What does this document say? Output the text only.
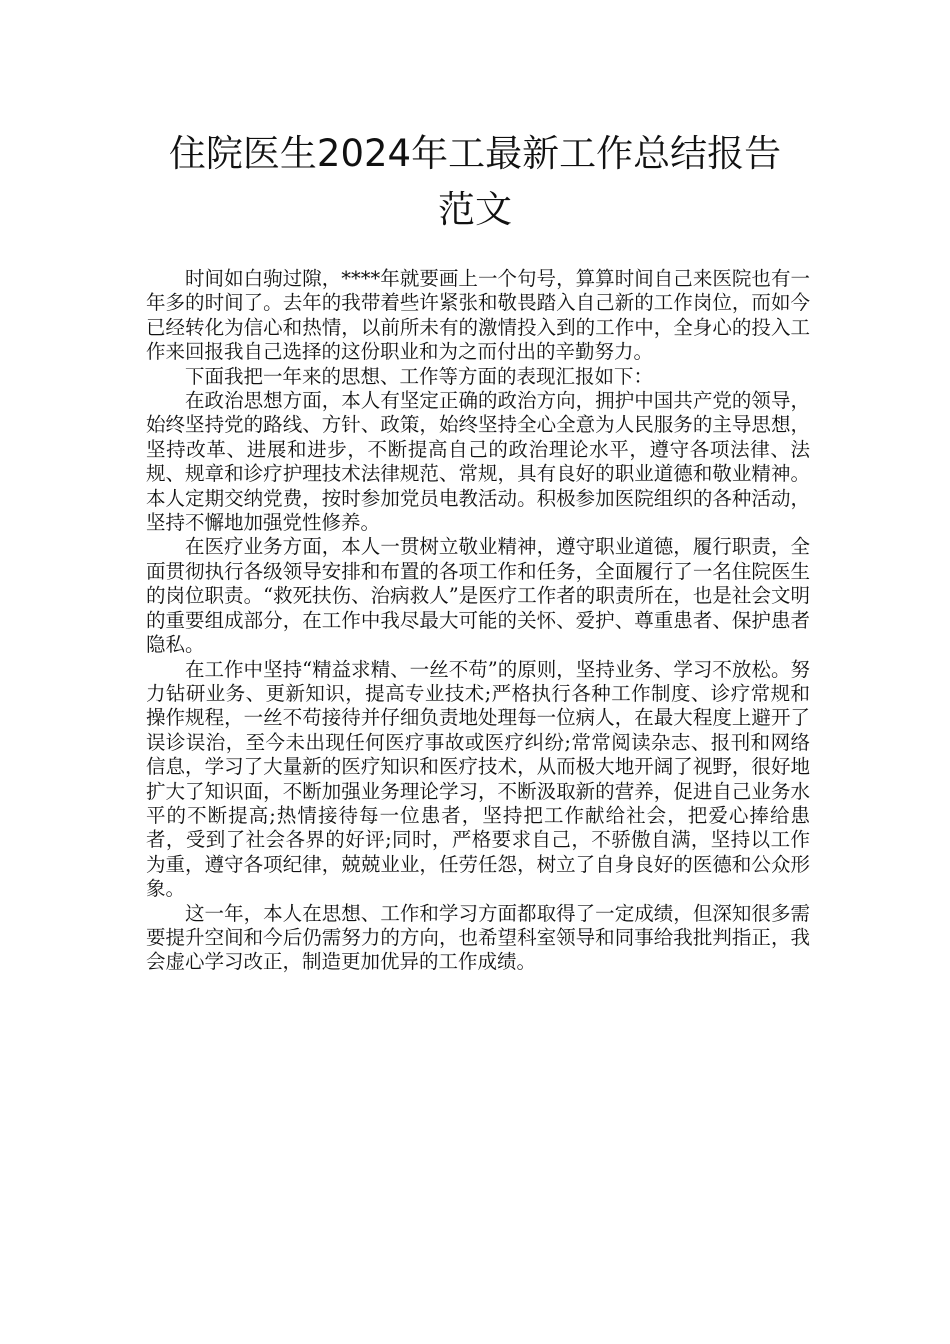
住院医生2024年工最新工作总结报告
范文

时间如白驹过隙，****年就要画上一个句号，算算时间自己来医院也有一年多的时间了。去年的我带着些许紧张和敬畏踏入自己新的工作岗位，而如今已经转化为信心和热情，以前所未有的激情投入到的工作中，全身心的投入工作来回报我自己选择的这份职业和为之而付出的辛勤努力。

下面我把一年来的思想、工作等方面的表现汇报如下：

在政治思想方面，本人有坚定正确的政治方向，拥护中国共产党的领导，始终坚持党的路线、方针、政策，始终坚持全心全意为人民服务的主导思想，坚持改革、进展和进步，不断提高自己的政治理论水平，遵守各项法律、法规、规章和诊疗护理技术法律规范、常规，具有良好的职业道德和敬业精神。本人定期交纳党费，按时参加党员电教活动。积极参加医院组织的各种活动，坚持不懈地加强党性修养。

在医疗业务方面，本人一贯树立敬业精神，遵守职业道德，履行职责，全面贯彻执行各级领导安排和布置的各项工作和任务，全面履行了一名住院医生的岗位职责。“救死扶伤、治病救人”是医疗工作者的职责所在，也是社会文明的重要组成部分，在工作中我尽最大可能的关怀、爱护、尊重患者、保护患者隐私。

在工作中坚持“精益求精、一丝不苟”的原则，坚持业务、学习不放松。努力钻研业务、更新知识，提高专业技术;严格执行各种工作制度、诊疗常规和操作规程，一丝不苟接待并仔细负责地处理每一位病人，在最大程度上避开了误诊误治，至今未出现任何医疗事故或医疗纠纷;常常阅读杂志、报刊和网络信息，学习了大量新的医疗知识和医疗技术，从而极大地开阔了视野，很好地扩大了知识面，不断加强业务理论学习，不断汲取新的营养，促进自己业务水平的不断提高;热情接待每一位患者，坚持把工作献给社会，把爱心捧给患者，受到了社会各界的好评;同时，严格要求自己，不骄傲自满，坚持以工作为重，遵守各项纪律，兢兢业业，任劳任怨，树立了自身良好的医德和公众形象。

这一年，本人在思想、工作和学习方面都取得了一定成绩，但深知很多需要提升空间和今后仍需努力的方向，也希望科室领导和同事给我批判指正，我会虚心学习改正，制造更加优异的工作成绩。
